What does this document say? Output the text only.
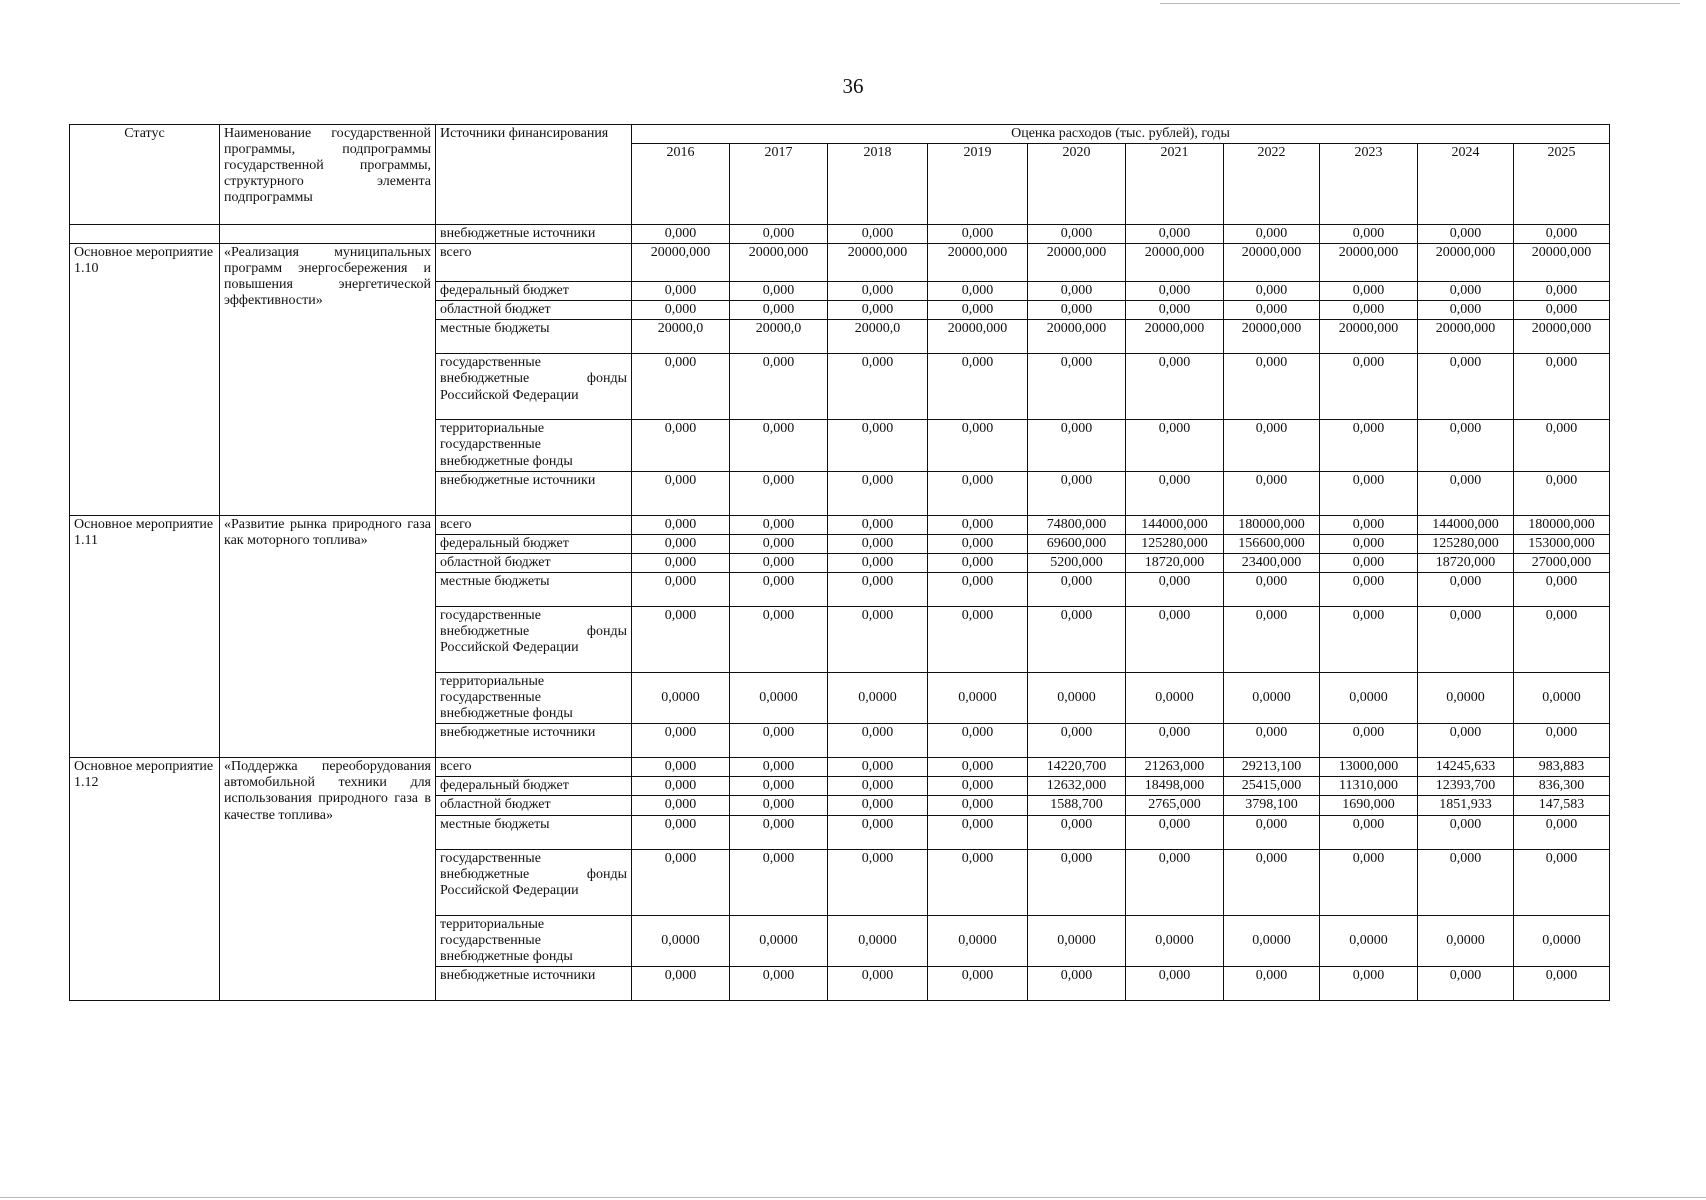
36
Статус	Наименование государственной программы, подпрограммы государственной программы, структурного элемента подпрограммы	Источники финансирования	Оценка расходов (тыс. рублей), годы									
			2016	2017	2018	2019	2020	2021	2022	2023	2024	2025
		внебюджетные источники	0,000	0,000	0,000	0,000	0,000	0,000	0,000	0,000	0,000	0,000
Основное мероприятие 1.10	«Реализация муниципальных программ энергосбережения и повышения энергетической эффективности»	всего	20000,000	20000,000	20000,000	20000,000	20000,000	20000,000	20000,000	20000,000	20000,000	20000,000
		федеральный бюджет	0,000	0,000	0,000	0,000	0,000	0,000	0,000	0,000	0,000	0,000
		областной бюджет	0,000	0,000	0,000	0,000	0,000	0,000	0,000	0,000	0,000	0,000
		местные бюджеты	20000,0	20000,0	20000,0	20000,000	20000,000	20000,000	20000,000	20000,000	20000,000	20000,000
		государственные внебюджетные фонды Российской Федерации	0,000	0,000	0,000	0,000	0,000	0,000	0,000	0,000	0,000	0,000
		территориальные государственные внебюджетные фонды	0,000	0,000	0,000	0,000	0,000	0,000	0,000	0,000	0,000	0,000
		внебюджетные источники	0,000	0,000	0,000	0,000	0,000	0,000	0,000	0,000	0,000	0,000
Основное мероприятие 1.11	«Развитие рынка природного газа как моторного топлива»	всего	0,000	0,000	0,000	0,000	74800,000	144000,000	180000,000	0,000	144000,000	180000,000
		федеральный бюджет	0,000	0,000	0,000	0,000	69600,000	125280,000	156600,000	0,000	125280,000	153000,000
		областной бюджет	0,000	0,000	0,000	0,000	5200,000	18720,000	23400,000	0,000	18720,000	27000,000
		местные бюджеты	0,000	0,000	0,000	0,000	0,000	0,000	0,000	0,000	0,000	0,000
		государственные внебюджетные фонды Российской Федерации	0,000	0,000	0,000	0,000	0,000	0,000	0,000	0,000	0,000	0,000
		территориальные государственные внебюджетные фонды	0,0000	0,0000	0,0000	0,0000	0,0000	0,0000	0,0000	0,0000	0,0000	0,0000
		внебюджетные источники	0,000	0,000	0,000	0,000	0,000	0,000	0,000	0,000	0,000	0,000
Основное мероприятие 1.12	«Поддержка переоборудования автомобильной техники для использования природного газа в качестве топлива»	всего	0,000	0,000	0,000	0,000	14220,700	21263,000	29213,100	13000,000	14245,633	983,883
		федеральный бюджет	0,000	0,000	0,000	0,000	12632,000	18498,000	25415,000	11310,000	12393,700	836,300
		областной бюджет	0,000	0,000	0,000	0,000	1588,700	2765,000	3798,100	1690,000	1851,933	147,583
		местные бюджеты	0,000	0,000	0,000	0,000	0,000	0,000	0,000	0,000	0,000	0,000
		государственные внебюджетные фонды Российской Федерации	0,000	0,000	0,000	0,000	0,000	0,000	0,000	0,000	0,000	0,000
		территориальные государственные внебюджетные фонды	0,0000	0,0000	0,0000	0,0000	0,0000	0,0000	0,0000	0,0000	0,0000	0,0000
		внебюджетные источники	0,000	0,000	0,000	0,000	0,000	0,000	0,000	0,000	0,000	0,000
